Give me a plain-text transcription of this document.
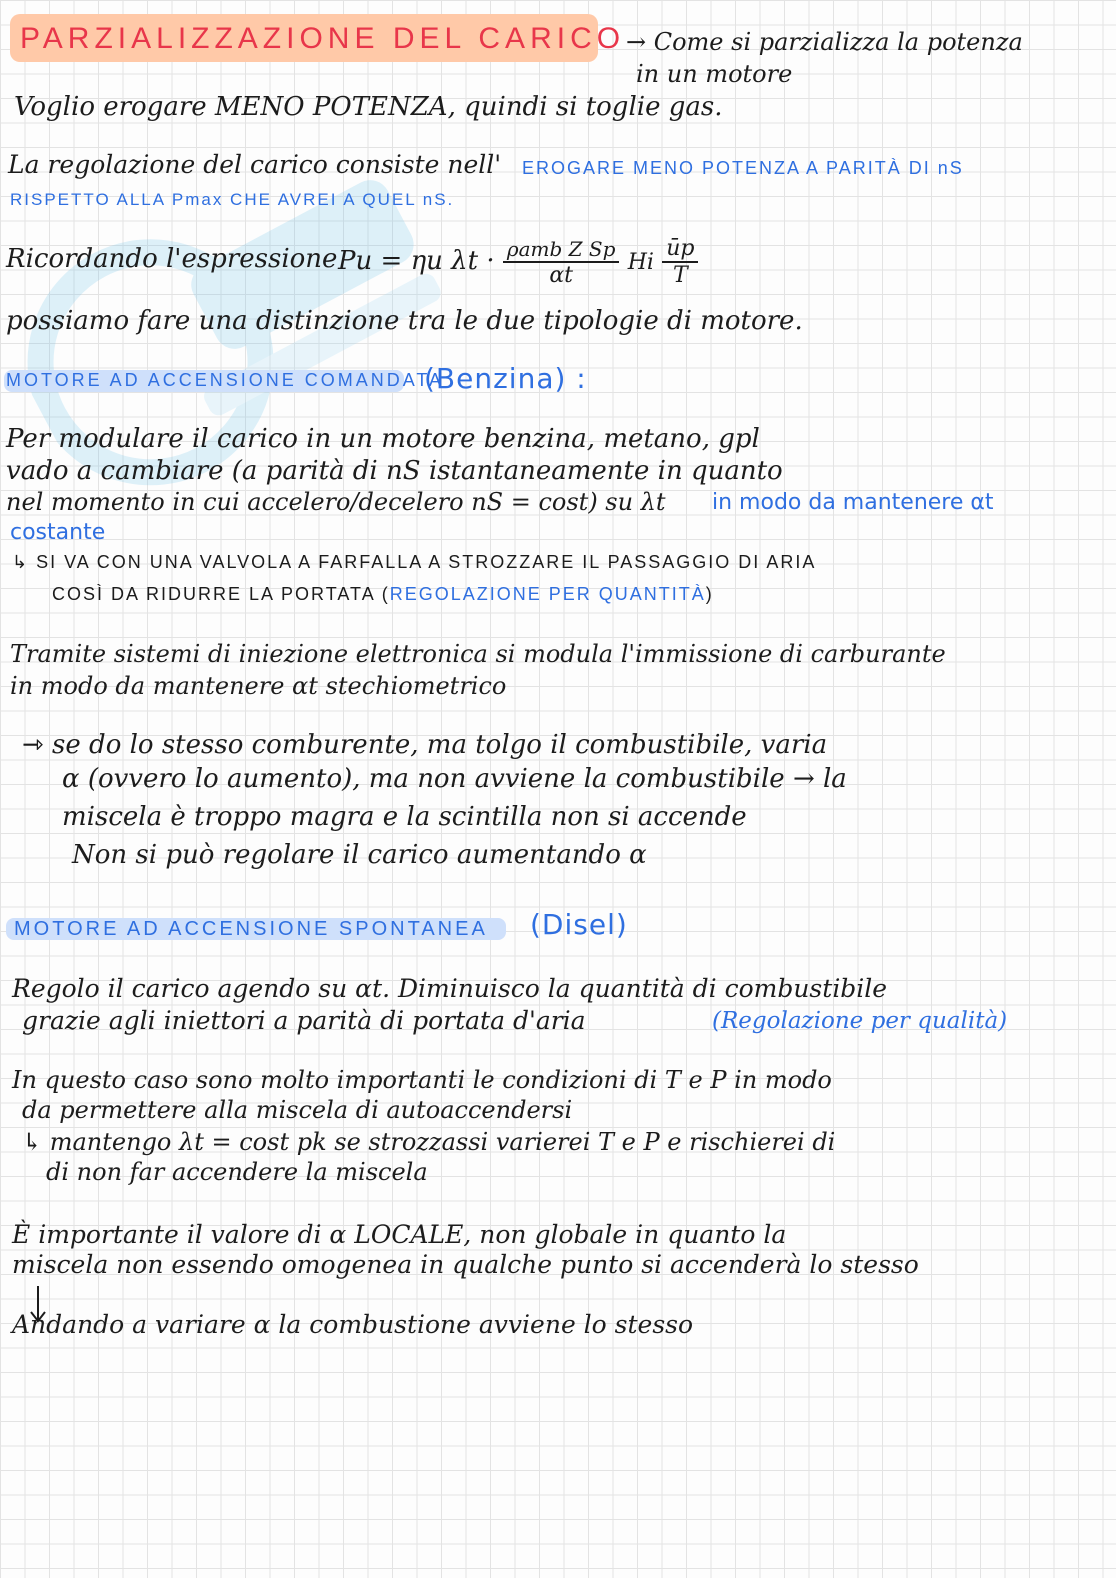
PARZIALIZZAZIONE DEL CARICO → Come si parzializza la potenza
in un motore
Voglio erogare MENO POTENZA, quindi si toglie gas.
La regolazione del carico consiste nell' EROGARE MENO POTENZA A PARITÀ DI nS
RISPETTO ALLA Pmax CHE AVREI A QUEL nS.
Ricordando l'espressione Pu = ηu $\lambda t \cdot \frac{\text{ρamb Z Sp}}{\alpha t}$ Hi $\frac{ūp}{T}$
possiamo fare una distinzione tra le due tipologie di motore.
MOTORE AD ACCENSIONE COMANDATA
(Benzina) :
Per modulare il carico in un motore benzina, metano, gpl
vado a cambiare (a parità di nS istantaneamente in quanto
nel momento in cui accelero/decelero nS = cost) su λt in modo da mantenere αt
costante
↳ SI VA CON UNA VALVOLA A FARFALLA A STROZZARE IL PASSAGGIO DI ARIA
COSÌ DA RIDURRE LA PORTATA (REGOLAZIONE PER QUANTITÀ)
Tramite sistemi di iniezione elettronica si modula l'immissione di carburante
in modo da mantenere αt stechiometrico
⇾ se do lo stesso comburente, ma tolgo il combustibile, varia
α (ovvero lo aumento), ma non avviene la combustibile → la
miscela è troppo magra e la scintilla non si accende
Non si può regolare il carico aumentando α
MOTORE AD ACCENSIONE SPONTANEA (Disel)
Regolo il carico agendo su αt. Diminuisco la quantità di combustibile
grazie agli iniettori a parità di portata d'aria	(Regolazione per qualità)
In questo caso sono molto importanti le condizioni di T e P in modo
da permettere alla miscela di autoaccendersi
↳ mantengo λt = cost pk se strozzassi varierei T e P e rischierei di
di non far accendere la miscela
È importante il valore di α LOCALE, non globale in quanto la
miscela non essendo omogenea in qualche punto si accenderà lo stesso
Andando a variare α la combustione avviene lo stesso
